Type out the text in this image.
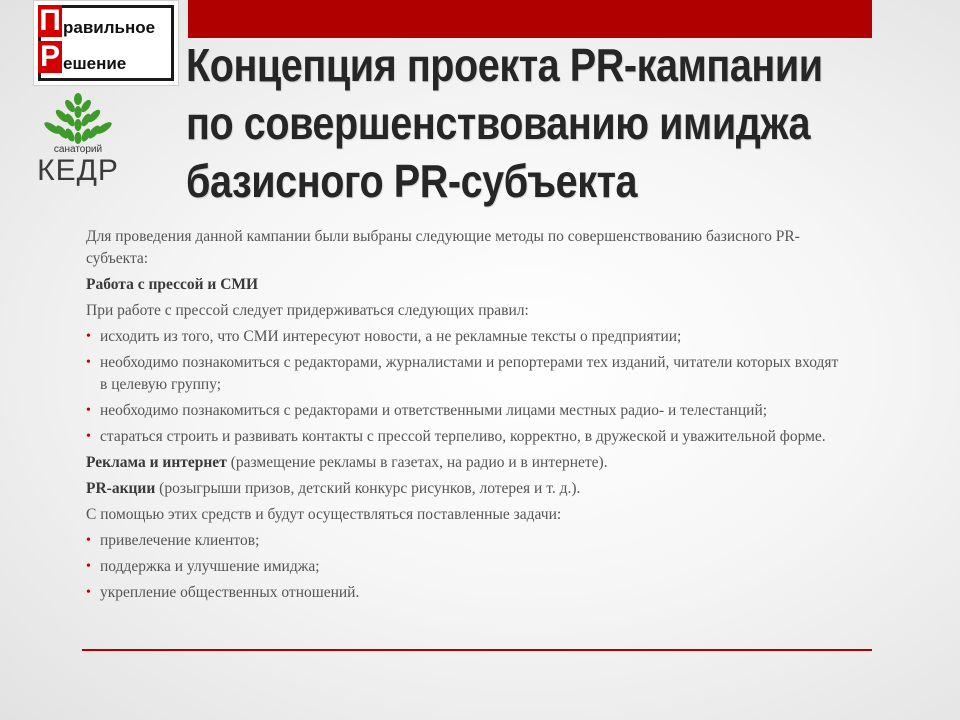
П равильное
Р ешение
санаторий
КЕДР
Концепция проекта PR-кампании
по совершенствованию имиджа
базисного PR-субъекта

Для проведения данной кампании были выбраны следующие методы по совершенствованию базисного PR-субъекта:

Работа с прессой и СМИ

При работе с прессой следует придерживаться следующих правил:

• исходить из того, что СМИ интересуют новости, а не рекламные тексты о предприятии;
• необходимо познакомиться с редакторами, журналистами и репортерами тех изданий, читатели которых входят в целевую группу;
• необходимо познакомиться с редакторами и ответственными лицами местных радио- и телестанций;
• стараться строить и развивать контакты с прессой терпеливо, корректно, в дружеской и уважительной форме.

Реклама и интернет (размещение рекламы в газетах, на радио и в интернете).

PR-акции (розыгрыши призов, детский конкурс рисунков, лотерея и т. д.).

С помощью этих средств и будут осуществляться поставленные задачи:

• привелечение клиентов;
• поддержка и улучшение имиджа;
• укрепление общественных отношений.
